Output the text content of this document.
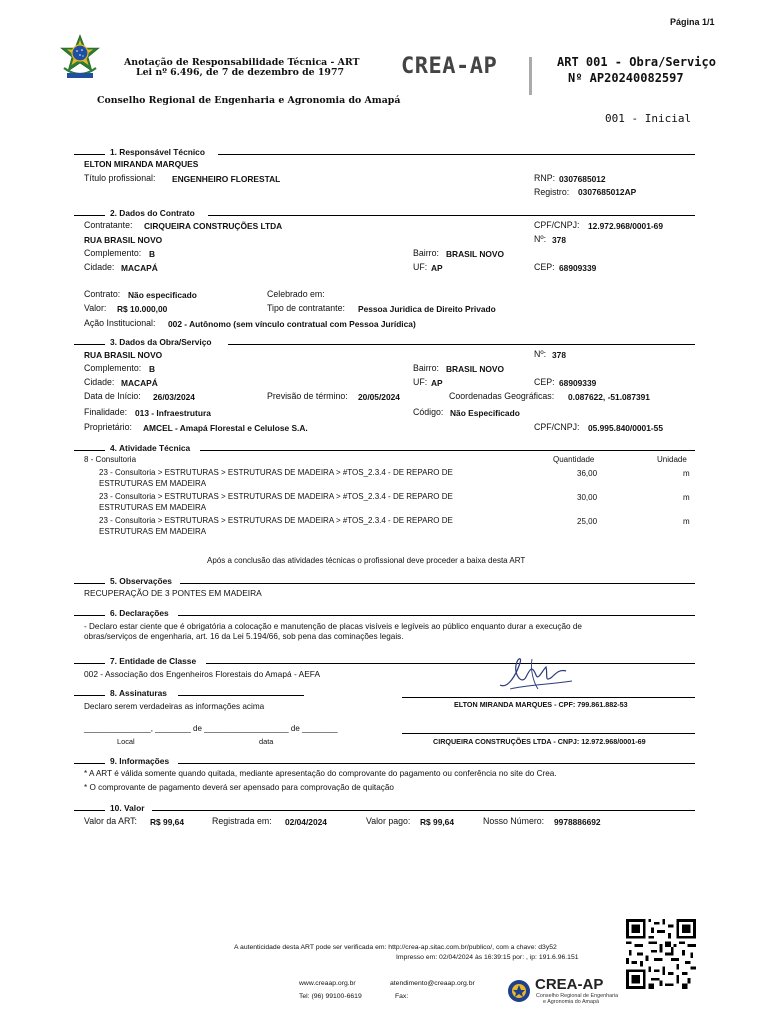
Página 1/1
Anotação de Responsabilidade Técnica - ART
Lei nº 6.496, de 7 de dezembro de 1977	CREA-AP	ART 001 - Obra/Serviço
Nº AP20240082597
Conselho Regional de Engenharia e Agronomia do Amapá
001 - Inicial
1. Responsável Técnico
ELTON MIRANDA MARQUES
Título profissional: ENGENHEIRO FLORESTAL	RNP: 0307685012
Registro: 0307685012AP
2. Dados do Contrato
Contratante: CIRQUEIRA CONSTRUÇÕES LTDA	CPF/CNPJ: 12.972.968/0001-69
RUA BRASIL NOVO	Nº: 378
Complemento: B	Bairro: BRASIL NOVO
Cidade: MACAPÁ	UF: AP	CEP: 68909339
Contrato: Não especificado	Celebrado em:
Valor: R$ 10.000,00	Tipo de contratante: Pessoa Juridica de Direito Privado
Ação Institucional: 002 - Autônomo (sem vínculo contratual com Pessoa Jurídica)
3. Dados da Obra/Serviço
RUA BRASIL NOVO	Nº: 378
Complemento: B	Bairro: BRASIL NOVO
Cidade: MACAPÁ	UF: AP	CEP: 68909339
Data de Início: 26/03/2024	Previsão de término: 20/05/2024	Coordenadas Geográficas: 0.087622, -51.087391
Finalidade: 013 - Infraestrutura	Código: Não Especificado
Proprietário: AMCEL - Amapá Florestal e Celulose S.A.	CPF/CNPJ: 05.995.840/0001-55
4. Atividade Técnica
8 - Consultoria	Quantidade	Unidade
23 - Consultoria > ESTRUTURAS > ESTRUTURAS DE MADEIRA > #TOS_2.3.4 - DE REPARO DE
ESTRUTURAS EM MADEIRA
36,00	m
23 - Consultoria > ESTRUTURAS > ESTRUTURAS DE MADEIRA > #TOS_2.3.4 - DE REPARO DE
ESTRUTURAS EM MADEIRA
30,00	m
23 - Consultoria > ESTRUTURAS > ESTRUTURAS DE MADEIRA > #TOS_2.3.4 - DE REPARO DE
ESTRUTURAS EM MADEIRA
25,00	m
Após a conclusão das atividades técnicas o profissional deve proceder a baixa desta ART
5. Observações
RECUPERAÇÃO DE 3 PONTES EM MADEIRA
6. Declarações
- Declaro estar ciente que é obrigatória a colocação e manutenção de placas visíveis e legíveis ao público enquanto durar a execução de
obras/serviços de engenharia, art. 16 da Lei 5.194/66, sob pena das cominações legais.
7. Entidade de Classe
002 - Associação dos Engenheiros Florestais do Amapá - AEFA
8. Assinaturas
Declaro serem verdadeiras as informações acima	ELTON MIRANDA MARQUES - CPF: 799.861.882-53
_______________, ________ de ___________________ de ________
Local	data	CIRQUEIRA CONSTRUÇÕES LTDA - CNPJ: 12.972.968/0001-69
9. Informações
* A ART é válida somente quando quitada, mediante apresentação do comprovante do pagamento ou conferência no site do Crea.
* O comprovante de pagamento deverá ser apensado para comprovação de quitação
10. Valor
Valor da ART: R$ 99,64	Registrada em: 02/04/2024	Valor pago: R$ 99,64	Nosso Número: 9978886692
A autenticidade desta ART pode ser verificada em: http://crea-ap.sitac.com.br/publico/, com a chave: d3y52
Impresso em: 02/04/2024 às 16:39:15 por: , ip: 191.6.96.151
www.creaap.org.br	atendimento@creaap.org.br
Tel: (96) 99100-6619	Fax:
CREA-AP
Conselho Regional de Engenharia
e Agronomia do Amapá
